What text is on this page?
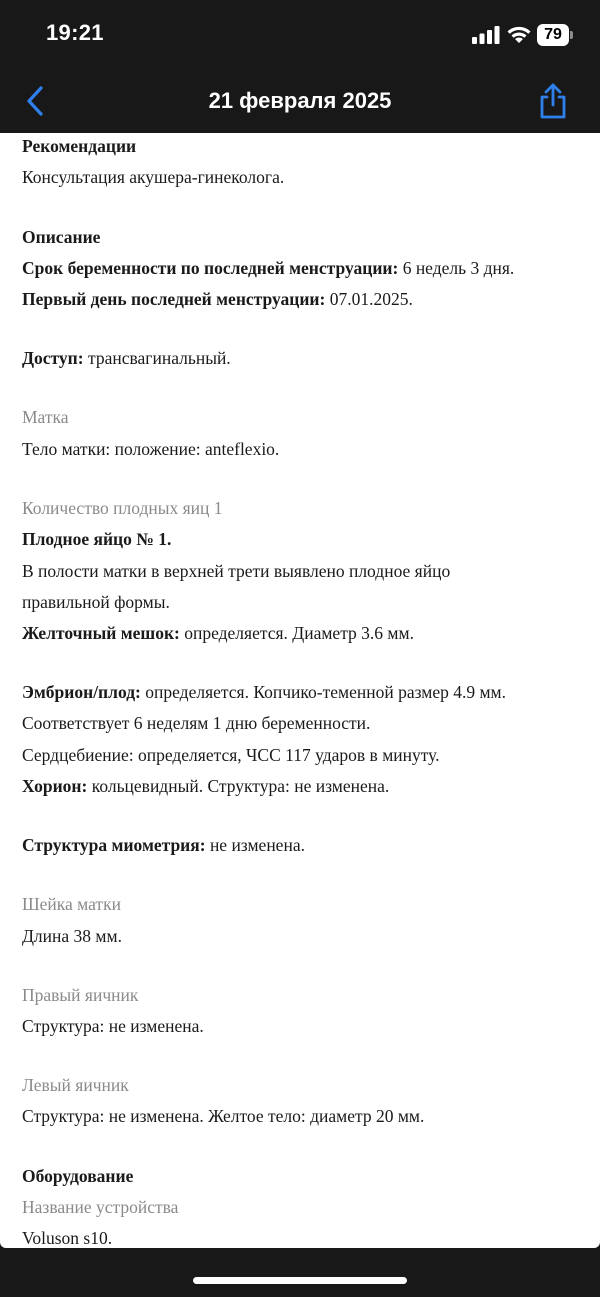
19:21	79
21 февраля 2025
Рекомендации
Консультация акушера-гинеколога.
Описание
Срок беременности по последней менструации: 6 недель 3 дня.
Первый день последней менструации: 07.01.2025.
Доступ: трансвагинальный.
Матка
Тело матки: положение: anteflexio.
Количество плодных яиц 1
Плодное яйцо № 1.
В полости матки в верхней трети выявлено плодное яйцо
правильной формы.
Желточный мешок: определяется. Диаметр 3.6 мм.
Эмбрион/плод: определяется. Копчико-теменной размер 4.9 мм.
Соответствует 6 неделям 1 дню беременности.
Сердцебиение: определяется, ЧСС 117 ударов в минуту.
Хорион: кольцевидный. Структура: не изменена.
Структура миометрия: не изменена.
Шейка матки
Длина 38 мм.
Правый яичник
Структура: не изменена.
Левый яичник
Структура: не изменена. Желтое тело: диаметр 20 мм.
Оборудование
Название устройства
Voluson s10.
